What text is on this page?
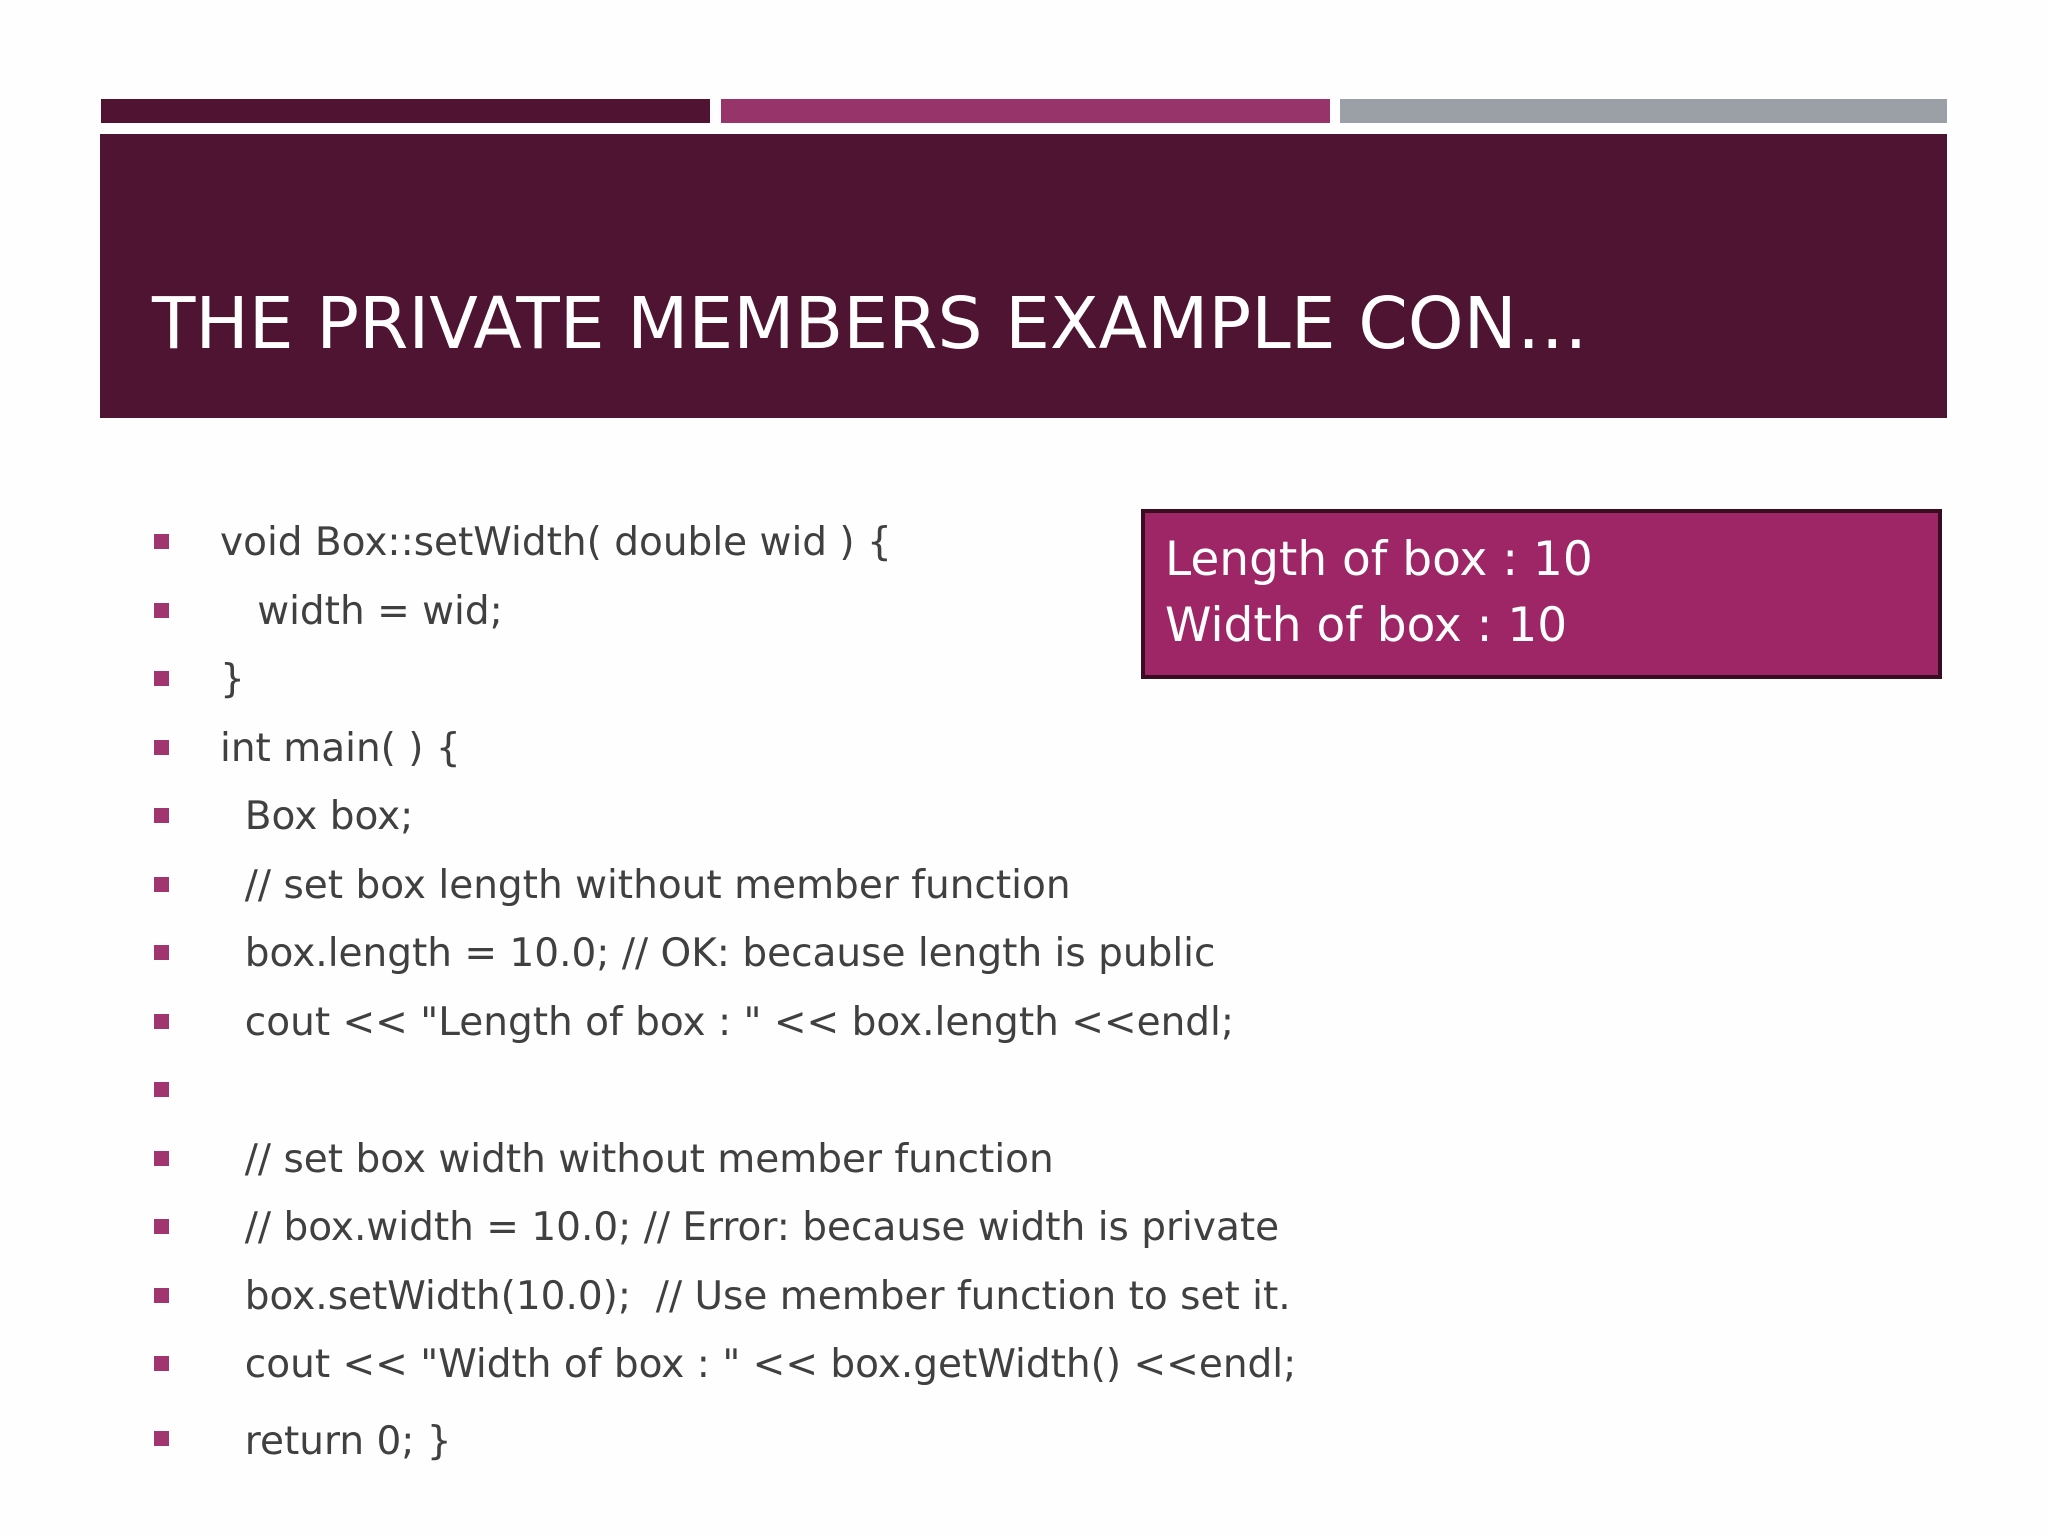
THE PRIVATE MEMBERS EXAMPLE CON…
void Box::setWidth( double wid ) {
width = wid;
}
int main( ) {
Box box;
// set box length without member function
box.length = 10.0; // OK: because length is public
cout << "Length of box : " << box.length <<endl;
// set box width without member function
// box.width = 10.0; // Error: because width is private
box.setWidth(10.0);  // Use member function to set it.
cout << "Width of box : " << box.getWidth() <<endl;
return 0; }
Length of box : 10
Width of box : 10
